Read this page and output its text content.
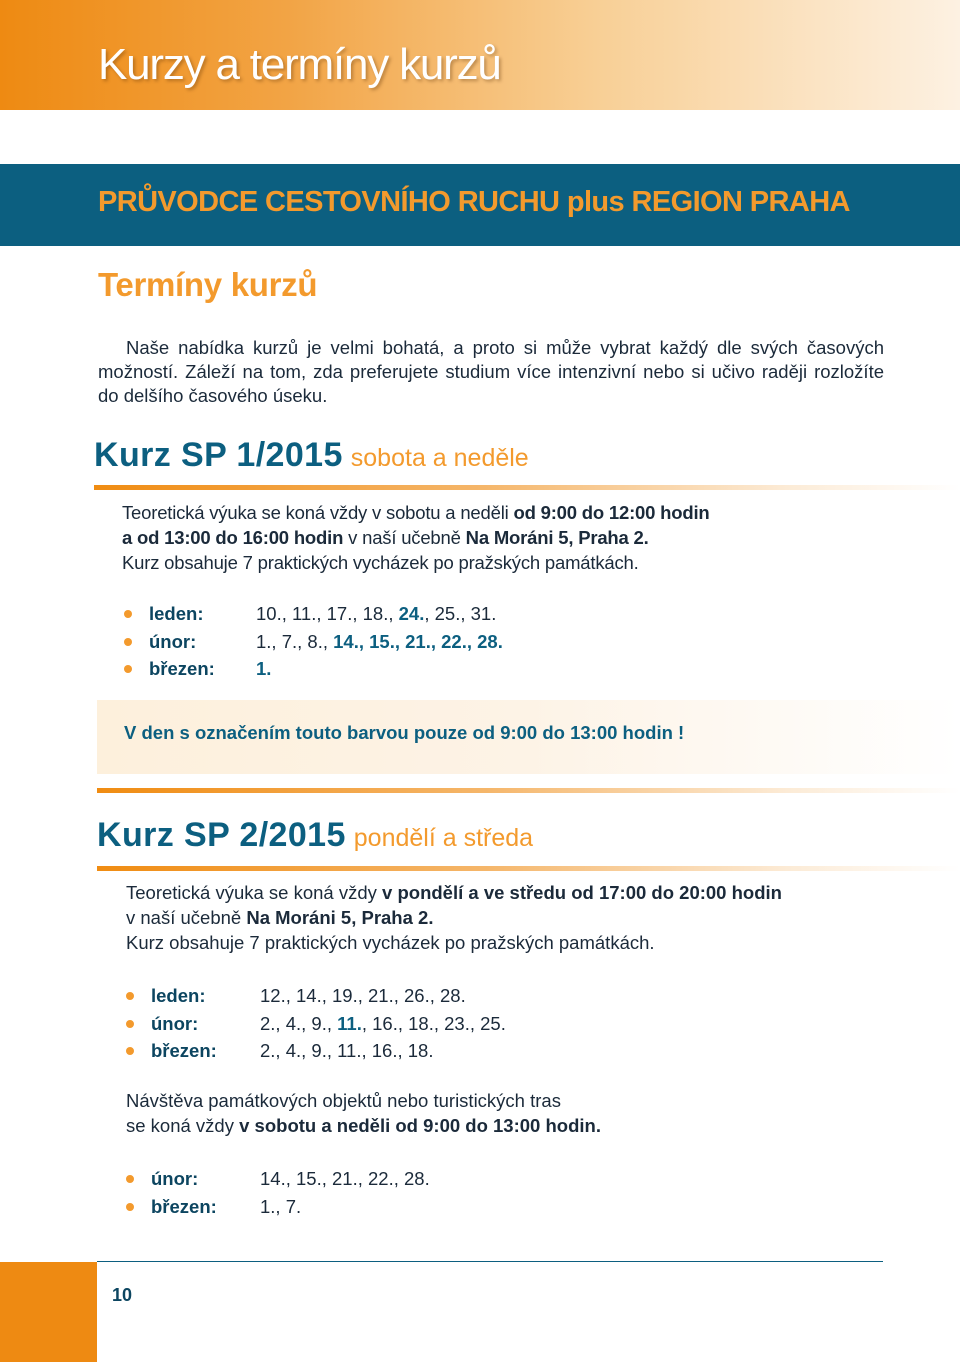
Kurzy a termíny kurzů
PRŮVODCE CESTOVNÍHO RUCHU plus REGION PRAHA
Termíny kurzů

Naše nabídka kurzů je velmi bohatá, a proto si může vybrat každý dle svých časových možností. Záleží na tom, zda preferujete studium více intenzivní nebo si učivo raději rozložíte do delšího časového úseku.

Kurz SP 1/2015 sobota a neděle

Teoretická výuka se koná vždy v sobotu a neděli od 9:00 do 12:00 hodin
a od 13:00 do 16:00 hodin v naší učebně Na Moráni 5, Praha 2.
Kurz obsahuje 7 praktických vycházek po pražských památkách.

leden:	10., 11., 17., 18., 24., 25., 31.
únor:	1., 7., 8., 14., 15., 21., 22., 28.
březen: 1.

V den s označením touto barvou pouze od 9:00 do 13:00 hodin !

Kurz SP 2/2015 pondělí a středa

Teoretická výuka se koná vždy v pondělí a ve středu od 17:00 do 20:00 hodin
v naší učebně Na Moráni 5, Praha 2.
Kurz obsahuje 7 praktických vycházek po pražských památkách.

leden:	12., 14., 19., 21., 26., 28.
únor:	2., 4., 9., 11., 16., 18., 23., 25.
březen: 2., 4., 9., 11., 16., 18.

Návštěva památkových objektů nebo turistických tras
se koná vždy v sobotu a neděli od 9:00 do 13:00 hodin.

únor:	14., 15., 21., 22., 28.
březen: 1., 7.

10
